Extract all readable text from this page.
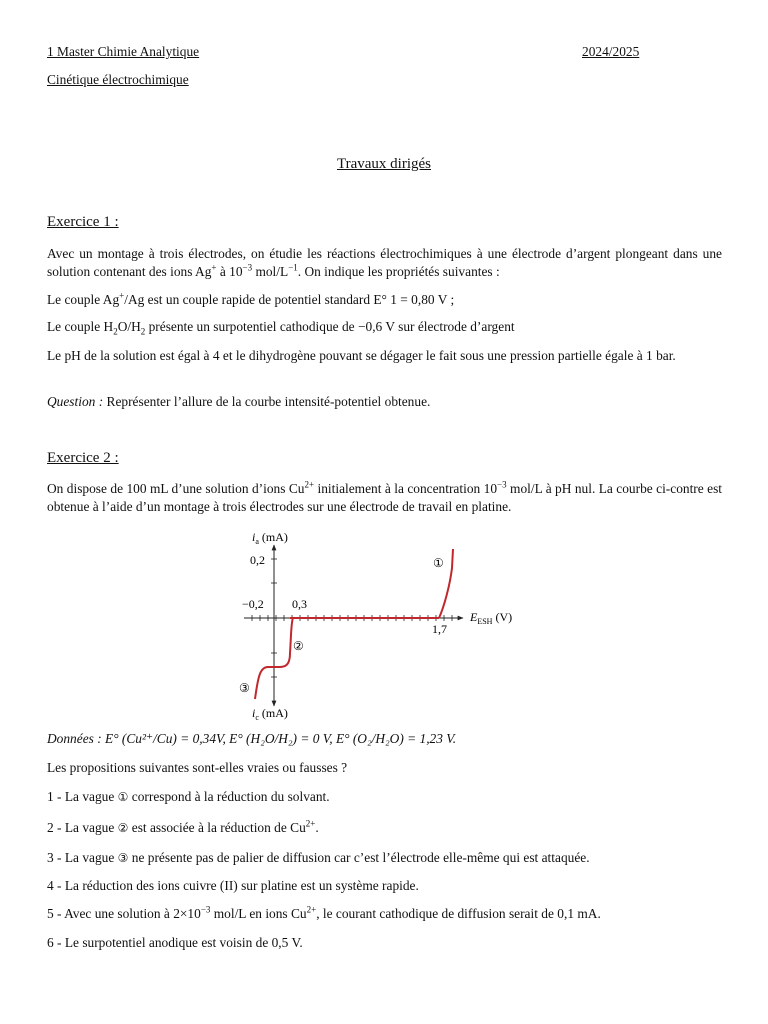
1 Master Chimie Analytique	2024/2025
Cinétique électrochimique
Travaux dirigés
Exercice 1 :
Avec un montage à trois électrodes, on étudie les réactions électrochimiques à une électrode d’argent plongeant dans une solution contenant des ions Ag+ à $10^{-3}$ mol/$L^{-1}$. On indique les propriétés suivantes :
Le couple Ag+/Ag est un couple rapide de potentiel standard E° 1 = 0,80 V ;
Le couple $H_2O/H_2$ présente un surpotentiel cathodique de −0,6 V sur électrode d’argent
Le pH de la solution est égal à 4 et le dihydrogène pouvant se dégager le fait sous une pression partielle égale à 1 bar.
Question : Représenter l’allure de la courbe intensité-potentiel obtenue.
Exercice 2 :
On dispose de 100 mL d’une solution d’ions $Cu^{2+}$ initialement à la concentration $10^{-3}$ mol/L à pH nul. La courbe ci-contre est obtenue à l’aide d’un montage à trois électrodes sur une électrode de travail en platine.
$i_a$ (mA)
0,2
−0,2 0,3
1,7
$E_{ESH}$ (V)
$i_c$ (mA)
①
②
③
Données : E° (Cu²⁺/Cu) = 0,34V, E° (H₂O/H₂) = 0 V, E° (O₂/H₂O) = 1,23 V.
Les propositions suivantes sont-elles vraies ou fausses ?
1 - La vague ① correspond à la réduction du solvant.
2 - La vague ② est associée à la réduction de $Cu^{2+}$.
3 - La vague ③ ne présente pas de palier de diffusion car c’est l’électrode elle-même qui est attaquée.
4 - La réduction des ions cuivre (II) sur platine est un système rapide.
5 - Avec une solution à $2\times 10^{-3}$ mol/L en ions $Cu^{2+}$, le courant cathodique de diffusion serait de 0,1 mA.
6 - Le surpotentiel anodique est voisin de 0,5 V.
